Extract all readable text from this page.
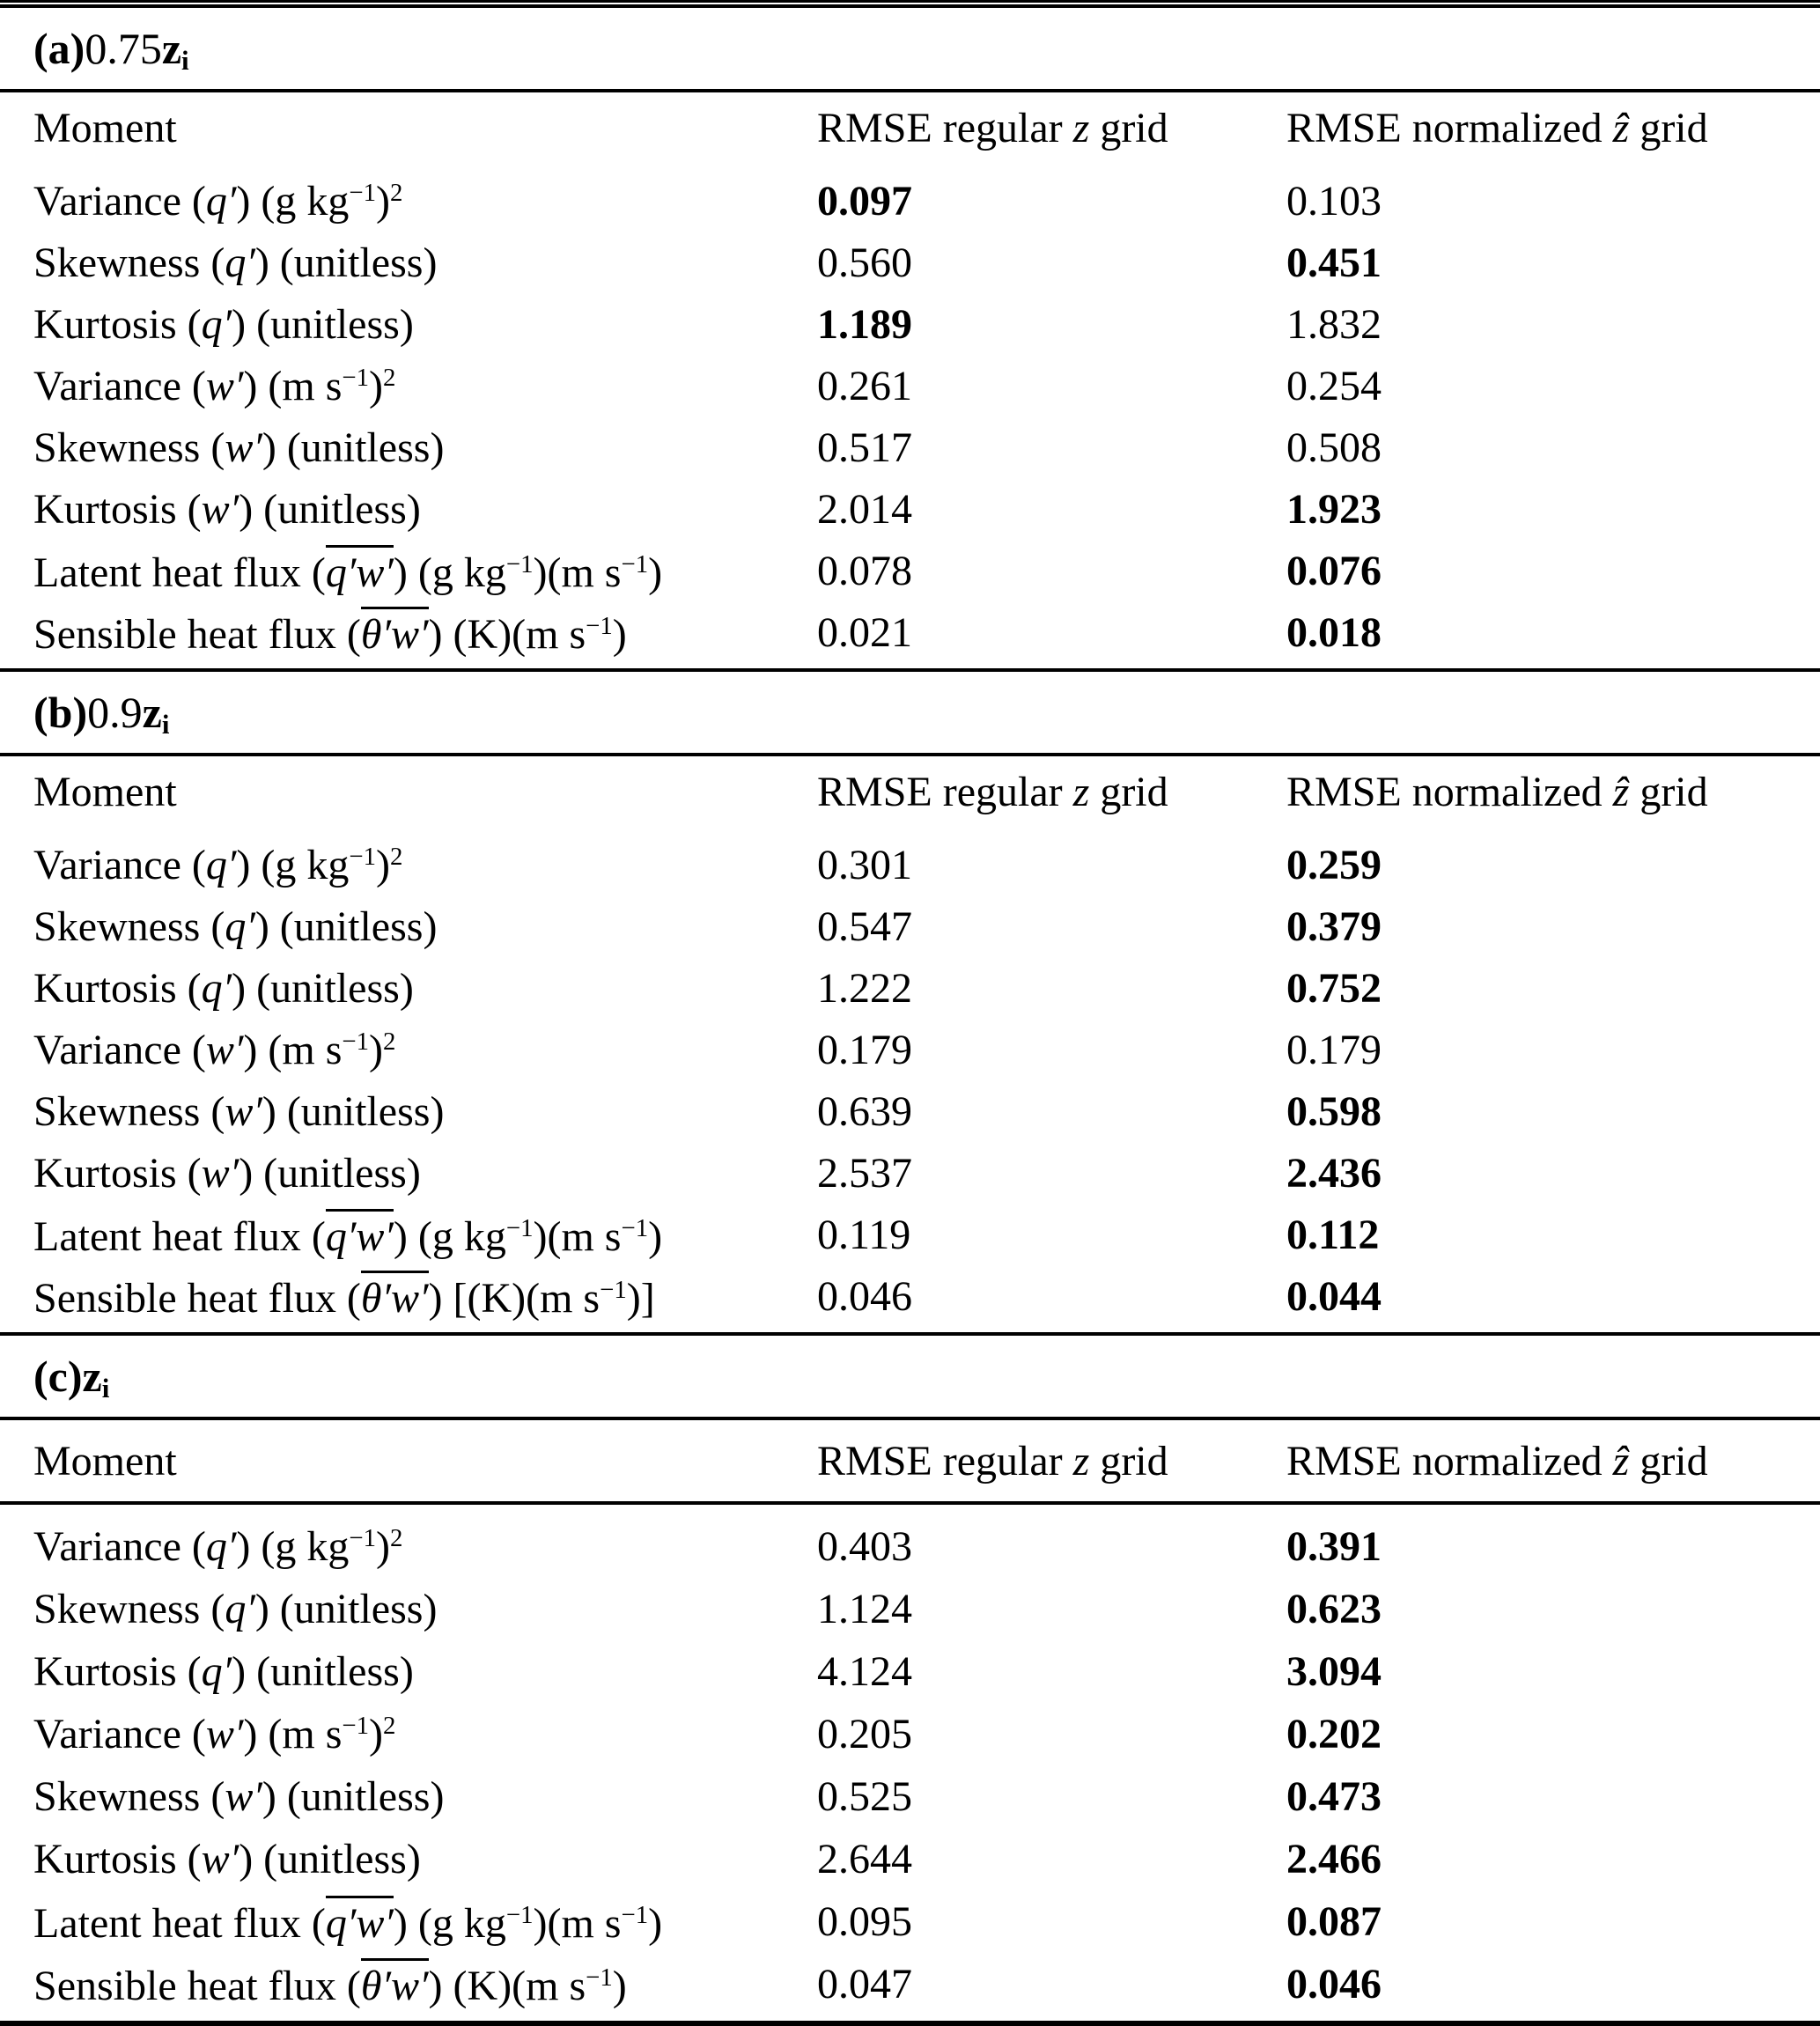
(a) 0.75 zi
Moment	RMSE regular z grid	RMSE normalized ẑ grid
Variance (q′) (g $kg^{-1})^2$	0.097	0.103
Skewness (q′) (unitless)	0.560	0.451
Kurtosis (q′) (unitless)	1.189	1.832
Variance (w′) (m $s^{-1})^2$	0.261	0.254
Skewness (w′) (unitless)	0.517	0.508
Kurtosis (w′) (unitless)	2.014	1.923
Latent heat flux (q′w′) (g $kg^{-1})(m$ $s^{-1}$)	0.078	0.076
Sensible heat flux (θ′w′) (K)(m $s^{-1}$)	0.021	0.018
(b) 0.9 zi
Moment	RMSE regular z grid	RMSE normalized ẑ grid
Variance (q′) (g $kg^{-1})^2$	0.301	0.259
Skewness (q′) (unitless)	0.547	0.379
Kurtosis (q′) (unitless)	1.222	0.752
Variance (w′) (m $s^{-1})^2$	0.179	0.179
Skewness (w′) (unitless)	0.639	0.598
Kurtosis (w′) (unitless)	2.537	2.436
Latent heat flux (q′w′) (g $kg^{-1})(m$ $s^{-1}$)	0.119	0.112
Sensible heat flux (θ′w′) [(K)(m $s^{-1}$)]	0.046	0.044
(c) zi
Moment	RMSE regular z grid	RMSE normalized ẑ grid
Variance (q′) (g $kg^{-1})^2$	0.403	0.391
Skewness (q′) (unitless)	1.124	0.623
Kurtosis (q′) (unitless)	4.124	3.094
Variance (w′) (m $s^{-1})^2$	0.205	0.202
Skewness (w′) (unitless)	0.525	0.473
Kurtosis (w′) (unitless)	2.644	2.466
Latent heat flux (q′w′) (g $kg^{-1})(m$ $s^{-1}$)	0.095	0.087
Sensible heat flux (θ′w′) (K)(m $s^{-1}$)	0.047	0.046
